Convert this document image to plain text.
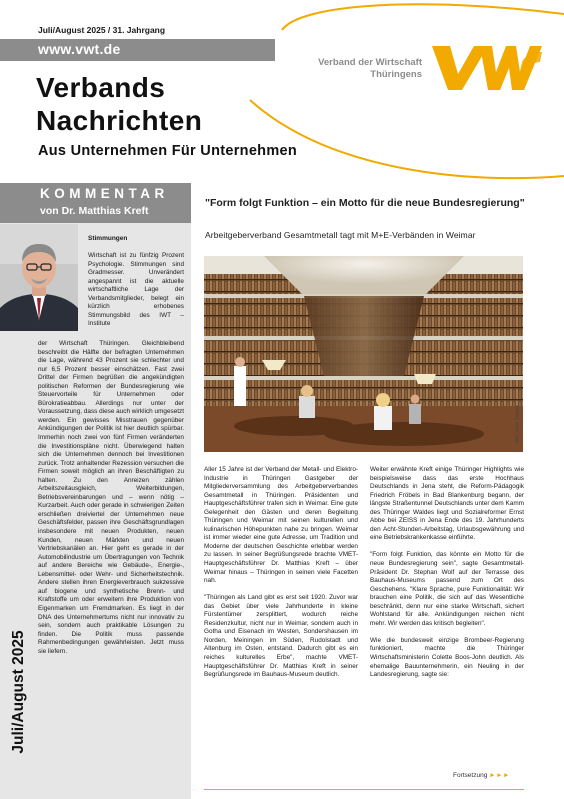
Juli/August 2025 / 31. Jahrgang
www.vwt.de
Verbands
Nachrichten
Aus Unternehmen Für Unternehmen
Verband der Wirtschaft
Thüringens
KOMMENTAR
von Dr. Matthias Kreft
Stimmungen
Wirtschaft ist zu fünfzig Prozent Psychologie. Stimmungen sind Gradmesser. Unverändert angespannt ist die aktuelle wirtschaftliche Lage der Verbandsmitglieder, belegt ein kürzlich erhobenes Stimmungsbild des IWT – Institute

der Wirtschaft Thüringen. Gleichbleibend beschreibt die Hälfte der befragten Unternehmen die Lage, während 43 Prozent sie schlechter und nur 6,5 Prozent besser einschätzen. Fast zwei Drittel der Firmen begrüßen die angekündigten politischen Reformen der Bundesregierung wie Steuervorteile für Unternehmen oder Bürokratieabbau. Allerdings nur unter der Voraussetzung, dass diese auch wirklich umgesetzt werden. Ein gewisses Misstrauen gegenüber Ankündigungen der Politik ist hier deutlich spürbar. Immerhin noch zwei von fünf Firmen veränderten die Investitionspläne nicht. Überwiegend halten sich die Unternehmen dennoch bei Investitionen zurück. Trotz anhaltender Rezession versuchen die Firmen soweit möglich an ihren Beschäftigten zu halten. Zu den Anreizen zählen Arbeitszeitausgleich, Weiterbildungen, Betriebsvereinbarungen und – wenn nötig – Kurzarbeit. Auch oder gerade in schwierigen Zeiten erschließen dreiviertel der Unternehmen neue Geschäftsfelder, passen ihre Geschäftsgrundlagen insbesondere mit neuen Produkten, neuen Kunden, neuen Märkten und neuen Vertriebskanälen an. Hier geht es gerade in der Automobilindustrie um Übertragungen von Technik auf andere Bereiche wie Gebäude-, Energie-, Lebensmittel- oder Wehr- und Sicherheitstechnik. Andere stellen ihren Energieverbrauch sukzessive auf biogene und synthetische Brenn- und Kraftstoffe um oder erweitern ihre Produktion von Eigenmarken um Fremdmarken. Es liegt in der DNA des Unternehmertums nicht nur innovativ zu sein, sondern auch praktikable Lösungen zu finden. Die Politik muss passende Rahmenbedingungen gewährleisten. Jetzt muss sie liefern.

Juli/August 2025
"Form folgt Funktion – ein Motto für die neue Bundesregierung"
Arbeitgeberverband Gesamtmetall tagt mit M+E-Verbänden in Weimar
Bild: Viktor Strasse

Aller 15 Jahre ist der Verband der Metall- und Elektro-Industrie in Thüringen Gastgeber der Mitgliederversammlung des Arbeitgeberverbandes Gesamtmetall in Thüringen. Präsidenten und Hauptgeschäftsführer trafen sich in Weimar. Eine gute Gelegenheit den Gästen und deren Begleitung Thüringen und Weimar mit seinen kulturellen und kulinarischen Höhepunkten nahe zu bringen. Weimar ist immer wieder eine gute Adresse, um Tradition und Moderne der deutschen Geschichte erlebbar werden zu lassen. In seiner Begrüßungsrede brachte VMET-Hauptgeschäftsführer Dr. Matthias Kreft – über Weimar hinaus – Thüringen in seinen viele Facetten nah.

"Thüringen als Land gibt es erst seit 1920. Zuvor war das Gebiet über viele Jahrhunderte in kleine Fürstentümer zersplittert, wodurch reiche Residenzkultur, nicht nur in Weimar, sondern auch in Gotha und Eisenach im Westen, Sondershausen im Norden, Meiningen im Süden, Rudolstadt und Altenburg im Osten, entstand. Dadurch gibt es ein reiches kulturelles Erbe", machte VMET-Hauptgeschäftsführer Dr. Matthias Kreft in seiner Begrüßungsrede im Bauhaus-Museum deutlich.

Weiter erwähnte Kreft einige Thüringer Highlights wie beispielsweise dass das erste Hochhaus Deutschlands in Jena steht, die Reform-Pädagogik Friedrich Fröbels in Bad Blankenburg begann, der längste Straßentunnel Deutschlands unter dem Kamm des Thüringer Waldes liegt und Sozialreformer Ernst Abbe bei ZEISS in Jena Ende des 19. Jahrhunderts den Acht-Stunden-Arbeitstag, Urlaubsgewährung und eine Betriebskrankenkasse einführte.

"Form folgt Funktion, das könnte ein Motto für die neue Bundesregierung sein", sagte Gesamtmetall-Präsident Dr. Stephan Wolf auf der Terrasse des Bauhaus-Museums passend zum Ort des Geschehens. "Klare Sprache, pure Funktionalität: Wir brauchen eine Politik, die sich auf das Wesentliche beschränkt, denn nur eine starke Wirtschaft, sichert Wohlstand für alle. Ankündigungen reichen nicht mehr. Wir werden das kritisch begleiten".

Wie die bundesweit einzige Brombeer-Regierung funktioniert, machte die Thüringer Wirtschaftsministerin Colette Boos-John deutlich. Als ehemalige Bauunternehmerin, ein Neuling in der Landesregierung, sagte sie:

Fortsetzung ►►►
